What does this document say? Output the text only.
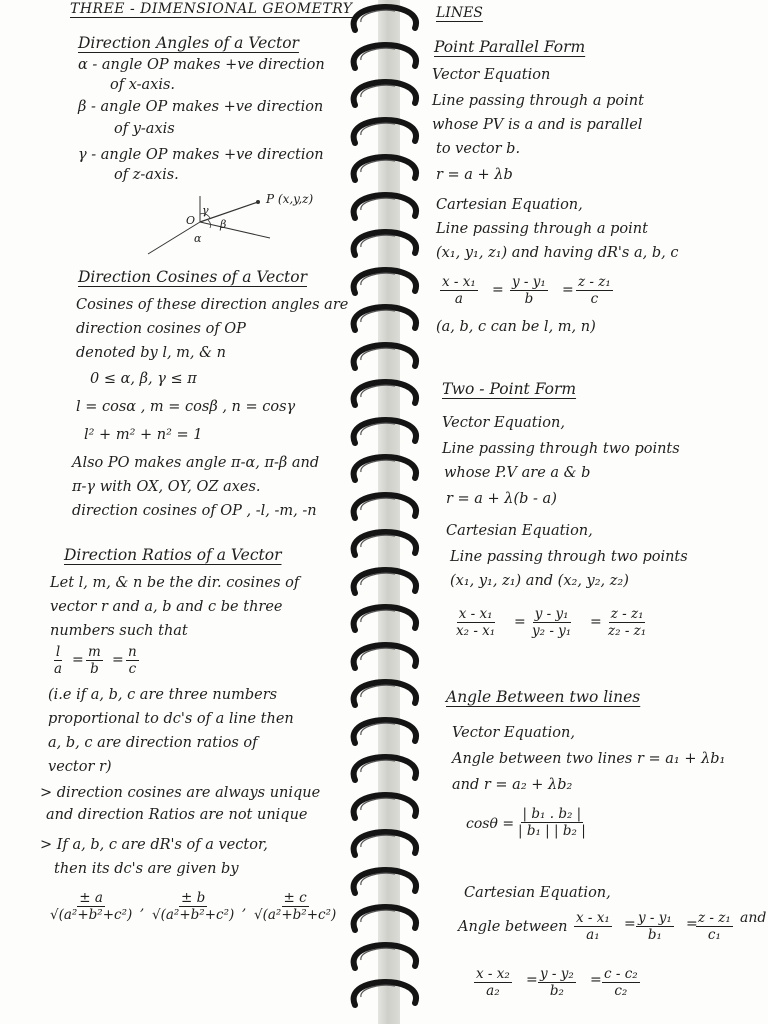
THREE - DIMENSIONAL GEOMETRY
Direction Angles of a Vector
α - angle OP makes +ve direction
of x-axis.
β - angle OP makes +ve direction
of y-axis
γ - angle OP makes +ve direction
of z-axis.
P (x,y,z)
O β
γ
α
Direction Cosines of a Vector
Cosines of these direction angles are
direction cosines of OP
denoted by l, m, & n
0 ≤ α, β, γ ≤ π
l = cosα , m = cosβ , n = cosγ
l² + m² + n² = 1
Also PO makes angle π-α, π-β and
π-γ with OX, OY, OZ axes.
direction cosines of OP , -l, -m, -n
Direction Ratios of a Vector
Let l, m, & n be the dir. cosines of
vector r and a, b and c be three
numbers such that
$\frac{l}{a} = \frac{m}{b} = \frac{n}{c}$
(i.e if a, b, c are three numbers
proportional to dc's of a line then
a, b, c are direction ratios of
vector r)
> direction cosines are always unique
and direction Ratios are not unique
> If a, b, c are dR's of a vector,
then its dc's are given by
$\frac{\pm a}{\text{√(a²+b²+c²)}}$ , $\frac{\pm b}{\text{√(a²+b²+c²)}}$ , $\frac{\pm c}{\text{√(a²+b²+c²)}}$
LINES
Point Parallel Form
Vector Equation
Line passing through a point
whose PV is a and is parallel
to vector b.
r = a + λb
Cartesian Equation,
Line passing through a point
(x₁, y₁, z₁) and having dR's a, b, c
$\frac{\text{x - x₁}}{a} = \frac{\text{y - y₁}}{b} = \frac{\text{z - z₁}}{c}$
(a, b, c can be l, m, n)
Two - Point Form
Vector Equation,
Line passing through two points
whose P.V are a & b
r = a + λ(b - a)
Cartesian Equation,
Line passing through two points
(x₁, y₁, z₁) and (x₂, y₂, z₂)
$\frac{\text{x - x₁}}{\text{x₂ - x₁}} = \frac{\text{y - y₁}}{\text{y₂ - y₁}} = \frac{\text{z - z₁}}{\text{z₂ - z₁}}$
Angle Between two lines
Vector Equation,
Angle between two lines r = a₁ + λb₁
and r = a₂ + λb₂
$\cos\theta = \frac{\text{| b₁ . b₂ |}}{\text{| b₁ | | b₂ |}}$
Cartesian Equation,
Angle between $\frac{\text{x - x₁}}{\text{a₁}} = \frac{\text{y - y₁}}{\text{b₁}}$ =
$\frac{\text{z - z₁}}{\text{c₁}}$ and
$\frac{\text{x - x₂}}{\text{a₂}} = \frac{\text{y - y₂}}{\text{b₂}} = \frac{\text{c - c₂}}{\text{c₂}}$
